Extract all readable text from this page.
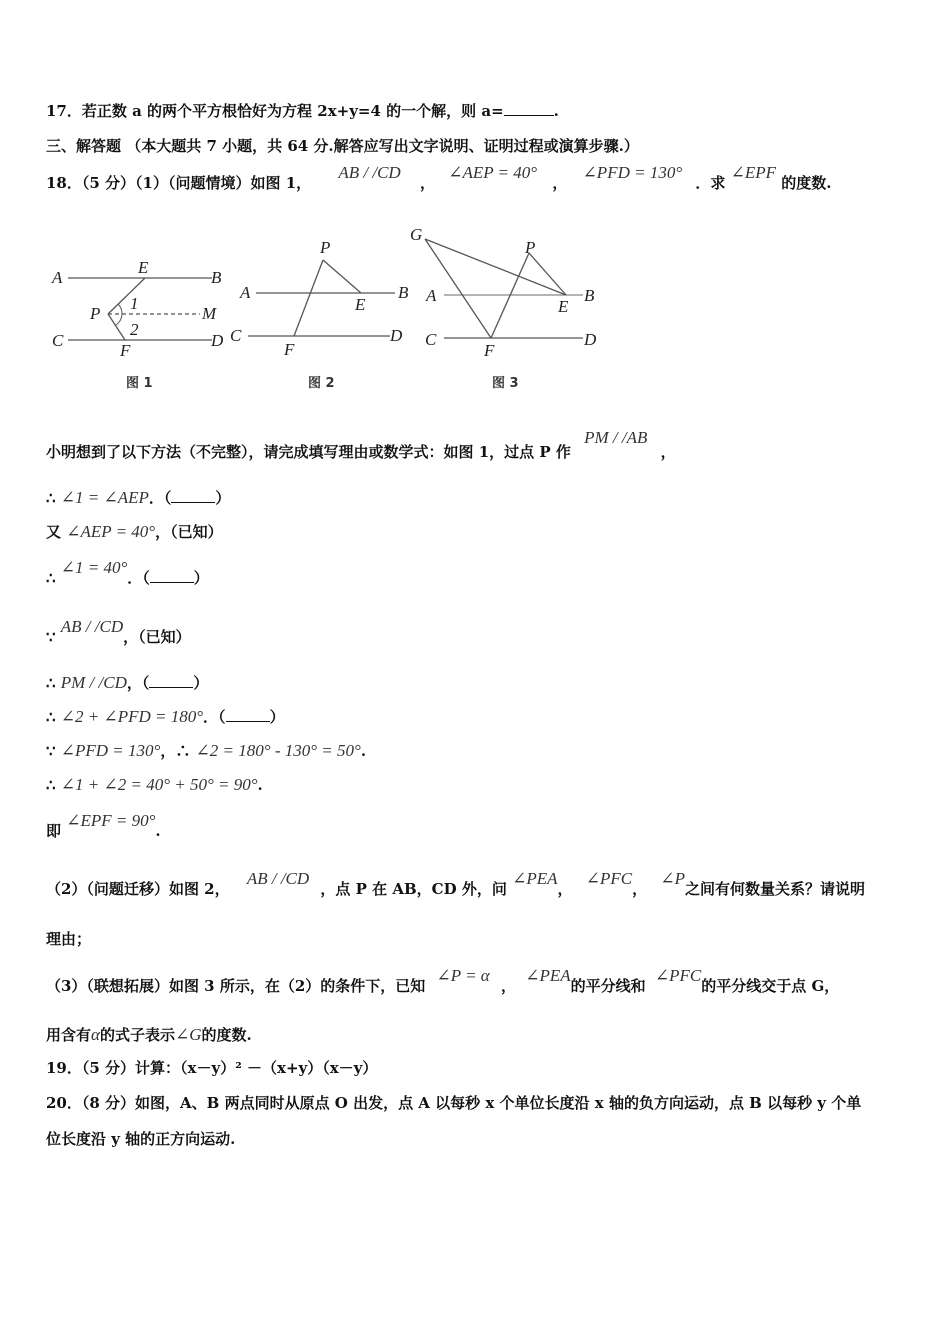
17．若正数 a 的两个平方根恰好为方程 2x+y=4 的一个解，则 a=	.
三、解答题 （本大题共 7 小题，共 64 分.解答应写出文字说明、证明过程或演算步骤.）
18．（5 分）（1）（问题情境）如图 1， AB / /CD ， ∠AEP = 40° ， ∠PFD = 130° ．求 ∠EPF 的度数.
A
E
B
P
1
M
2
C
F
D
图 1
P
A
E
B
C
F
D
图 2
G
P
A
E
B
C
F
D
图 3
小明想到了以下方法（不完整），请完成填写理由或数学式：如图 1，过点 P 作 PM / /AB ，
∴ ∠1 = ∠AEP．（	）
又 ∠AEP = 40°，（已知）
∴ ∠1 = 40°．（	）
∵ AB / /CD，（已知）
∴ PM / /CD，（	）
∴ ∠2 + ∠PFD = 180°．（	）
∵ ∠PFD = 130°，∴ ∠2 = 180° - 130° = 50°.
∴ ∠1 + ∠2 = 40° + 50° = 90°.
即 ∠EPF = 90°.
（2）（问题迁移）如图 2， AB / /CD ，点 P 在 AB，CD 外，问 ∠PEA， ∠PFC， ∠P之间有何数量关系？请说明
理由；
（3）（联想拓展）如图 3 所示，在（2）的条件下，已知 ∠P = α ， ∠PEA的平分线和 ∠PFC的平分线交于点 G，
用含有α的式子表示∠G的度数.
19．（5 分）计算：（x－y）² －（x+y）（x－y）
20．（8 分）如图，A、B 两点同时从原点 O 出发，点 A 以每秒 x 个单位长度沿 x 轴的负方向运动，点 B 以每秒 y 个单
位长度沿 y 轴的正方向运动.
